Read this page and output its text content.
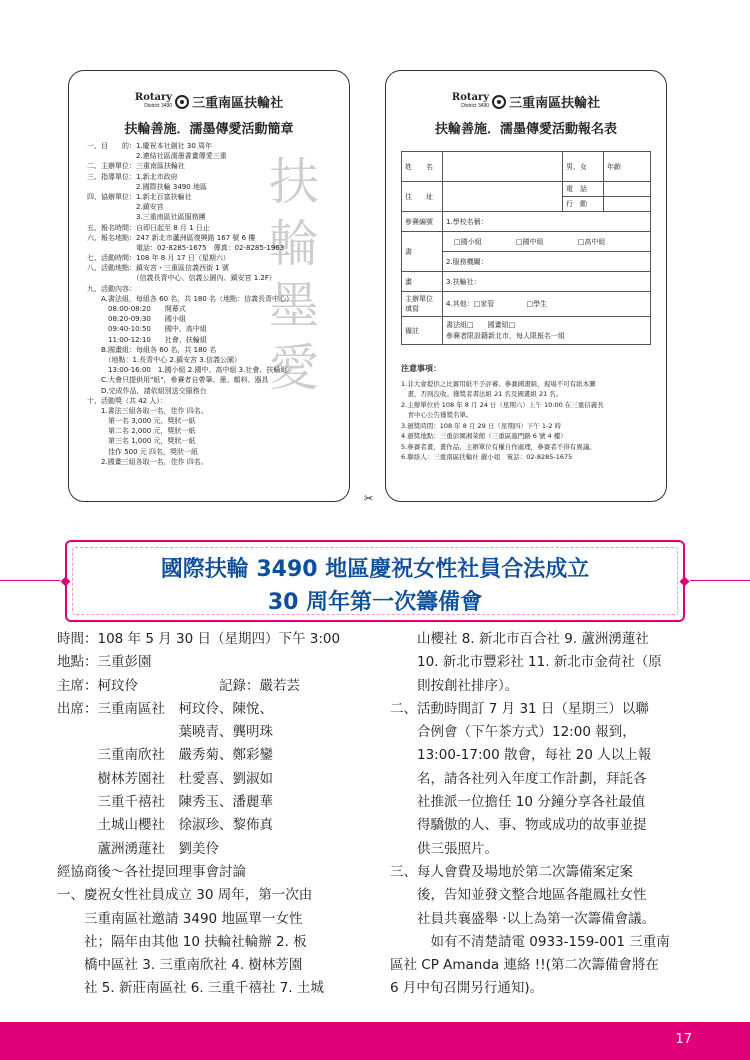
Rotary
District 3490 三重南區扶輪社
扶輪善施．濡墨傳愛活動簡章
扶輪墨愛
一、目　　的：1.慶祝本社創社 30 周年
　　　　　　　2.連結社區濡墨書畫傳愛三重
二、主辦單位：三重南區扶輪社
三、指導單位：1.新北市政府
　　　　　　　2.國際扶輪 3490 地區
四、協辦單位：1.新北百富扶輪社
　　　　　　　2.鎮安宮
　　　　　　　3.三重南區社區服務團
五、報名時間：自即日起至 8 月 1 日止
六、報名地點：247 新北市蘆洲區復興路 167 號 6 樓
　　　　　　　電話：02-8285-1675　傳真：02-8285-1963
七、活動時間：108 年 8 月 17 日（星期六）
八、活動地點：鎮安宮・三重區信義西街 1 號
　　　　　　　（信義長青中心、信義公園內、鎮安宮 1.2F）
九、活動內容：
　　A.書法組，每組各 60 名，共 180 名（地點：信義長青中心）
　　　08:00-08:20　　開幕式
　　　08:20-09:30　　國小組
　　　09:40-10:50　　國中、高中組
　　　11:00-12:10　　社會、扶輪組
　　B.國畫組：每組各 60 名，共 180 名
　　　（地點：1.長青中心 2.鎮安宮 3.信義公園）
　　　13:00-16:00　1.國小組 2.國中、高中組 3.社會、扶輪組
　　C.大會只提供用"紙"，參賽者自帶筆、墨、顏料、器具
　　D.完成作品，請依組別送交服務台
十、活動獎（共 42 人）：
　　1.書法三組各取一名，佳作 四名。
　　　第一名 3,000 元，獎狀一紙
　　　第二名 2,000 元，獎狀一紙
　　　第三名 1,000 元，獎狀一紙
　　　佳作 500 元 四名，獎狀一紙
　　2.國畫三組各取一名，佳作 四名。
Rotary
District 3490 三重南區扶輪社
扶輪善施．濡墨傳愛活動報名表
姓　　名		男、女	年齡
住　　址		電　話	
		行　動	
參賽編號	1.學校名稱：		
書	□國小組 □國中組 □高中組		
	2.服務機關：		
畫	3.扶輪社：		
主辦單位填寫	4.其他：□家管 □學生		
備註	書法組□　　國畫組□
參賽者限設籍新北市，每人限報名一組		
注意事項：
1.非大會提供之比賽用紙不予評審。參賽國畫組，現場不可有紙本圖
　畫，否則沒收。獲獎者書法組 21 名及國畫組 21 名。
2.主辦單位於 108 年 8 月 24 日（星期六）上午 10:00 在三重信義長
　青中心公告獲獎名單。
3.頒獎時間：108 年 8 月 29 日（星期四）下午 1-2 時
4.頒獎地點：三重彭園湘菜館（三重區龍門路 6 號 4 樓）
5.參賽者畫、畫作品，主辦單位有權自作處理，參賽者不得有異議。
6.聯絡人：三重南區扶輪社 嚴小姐　電話：02-8285-1675
✂
國際扶輪 3490 地區慶祝女性社員合法成立
30 周年第一次籌備會
時間：108 年 5 月 30 日（星期四）下午 3:00
地點：三重彭園
主席：柯玟伶　　　　　　記錄：嚴若芸
出席：三重南區社　柯玟伶、陳悅、
　　　　　　　　　葉曉青、龔明珠
　　　三重南欣社　嚴秀菊、鄭彩鑾
　　　樹林芳園社　杜愛喜、劉淑如
　　　三重千禧社　陳秀玉、潘麗華
　　　土城山櫻社　徐淑珍、黎佈真
　　　蘆洲湧蓮社　劉美伶
經協商後～各社提回理事會討論
一、慶祝女性社員成立 30 周年，第一次由
　　三重南區社邀請 3490 地區單一女性
　　社；隔年由其他 10 扶輪社輪辦 2. 板
　　橋中區社 3. 三重南欣社 4. 樹林芳園
　　社 5. 新莊南區社 6. 三重千禧社 7. 土城
　　山櫻社 8. 新北市百合社 9. 蘆洲湧蓮社
　　10. 新北市豐彩社 11. 新北市金荷社（原
　　則按創社排序）。
二、活動時間訂 7 月 31 日（星期三）以聯
　　合例會（下午茶方式）12:00 報到，
　　13:00-17:00 散會，每社 20 人以上報
　　名，請各社列入年度工作計劃，拜託各
　　社推派一位擔任 10 分鐘分享各社最值
　　得驕傲的人、事、物或成功的故事並提
　　供三張照片。
三、每人會費及場地於第二次籌備案定案
　　後，告知並發文整合地區各龍鳳社女性
　　社員共襄盛舉 ·以上為第一次籌備會議。
　　　如有不清楚請電 0933-159-001 三重南
區社 CP Amanda 連絡 !!(第二次籌備會將在
6 月中旬召開另行通知)。
17
